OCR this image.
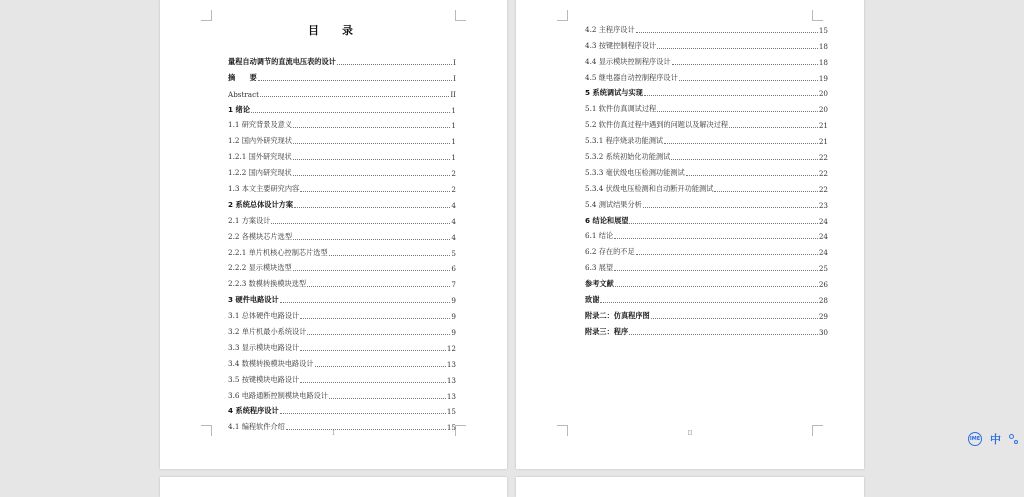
目　录
量程自动调节的直流电压表的设计	I
摘　　要	I
Abstract	II
1 绪论	1
1.1 研究背景及意义	1
1.2 国内外研究现状	1
1.2.1 国外研究现状	1
1.2.2 国内研究现状	2
1.3 本文主要研究内容	2
2 系统总体设计方案	4
2.1 方案设计	4
2.2 各模块芯片选型	4
2.2.1 单片机核心控制芯片选型	5
2.2.2 显示模块选型	6
2.2.3 数模转换模块选型	7
3 硬件电路设计	9
3.1 总体硬件电路设计	9
3.2 单片机最小系统设计	9
3.3 显示模块电路设计	12
3.4 数模转换模块电路设计	13
3.5 按键模块电路设计	13
3.6 电路通断控制模块电路设计	13
4 系统程序设计	15
4.1 编程软件介绍	15
I
4.2 主程序设计	15
4.3 按键控制程序设计	18
4.4 显示模块控制程序设计	18
4.5 继电器自动控制程序设计	19
5 系统调试与实现	20
5.1 软件仿真调试过程	20
5.2 软件仿真过程中遇到的问题以及解决过程	21
5.3.1 程序烧录功能测试	21
5.3.2 系统初始化功能测试	22
5.3.3 毫伏级电压检测功能测试	22
5.3.4 伏级电压检测和自动断开功能测试	22
5.4 测试结果分析	23
6 结论和展望	24
6.1 结论	24
6.2 存在的不足	24
6.3 展望	25
参考文献	26
致谢	28
附录二：仿真程序图	29
附录三：程序	30
II
IME 中
